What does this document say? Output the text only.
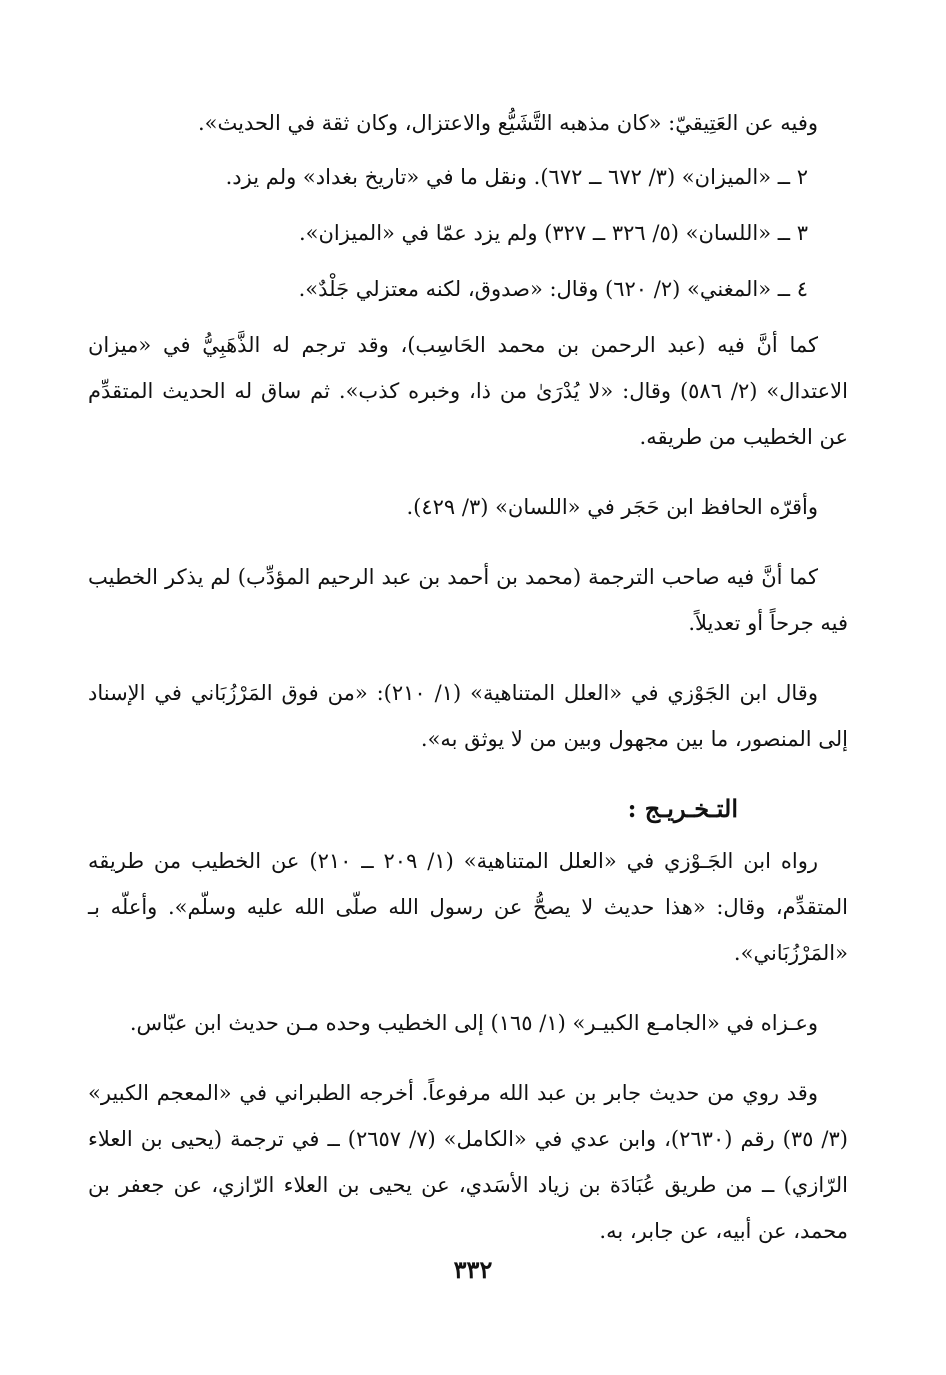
وفيه عن العَتِيقيّ: «كان مذهبه التَّشَيُّع والاعتزال، وكان ثقة في الحديث».

٢ ــ «الميزان» (٣/ ٦٧٢ ــ ٦٧٢). ونقل ما في «تاريخ بغداد» ولم يزد.

٣ ــ «اللسان» (٥/ ٣٢٦ ــ ٣٢٧) ولم يزد عمّا في «الميزان».

٤ ــ «المغني» (٢/ ٦٢٠) وقال: «صدوق، لكنه معتزلي جَلْدٌ».

كما أنَّ فيه (عبد الرحمن بن محمد الحَاسِب)، وقد ترجم له الذَّهَبِيُّ في «ميزان الاعتدال» (٢/ ٥٨٦) وقال: «لا يُدْرَىٰ من ذا، وخبره كذب». ثم ساق له الحديث المتقدِّم عن الخطيب من طريقه.

وأقرّه الحافظ ابن حَجَر في «اللسان» (٣/ ٤٢٩).

كما أنَّ فيه صاحب الترجمة (محمد بن أحمد بن عبد الرحيم المؤدِّب) لم يذكر الخطيب فيه جرحاً أو تعديلاً.

وقال ابن الجَوْزي في «العلل المتناهية» (١/ ٢١٠): «من فوق المَرْزُبَاني في الإسناد إلى المنصور، ما بين مجهول وبين من لا يوثق به».

التـخـريـج :

رواه ابن الجَـوْزي في «العلل المتناهية» (١/ ٢٠٩ ــ ٢١٠) عن الخطيب من طريقه المتقدِّم، وقال: «هذا حديث لا يصحُّ عن رسول الله صلّى الله عليه وسلّم». وأعلّه بـ «المَرْزُبَاني».

وعـزاه في «الجامـع الكبيـر» (١/ ١٦٥) إلى الخطيب وحده مـن حديث ابن عبّاس.

وقد روي من حديث جابر بن عبد الله مرفوعاً. أخرجه الطبراني في «المعجم الكبير» (٣/ ٣٥) رقم (٢٦٣٠)، وابن عدي في «الكامل» (٧/ ٢٦٥٧) ــ في ترجمة (يحيى بن العلاء الرّازي) ــ من طريق عُبَادَة بن زياد الأسَدي، عن يحيى بن العلاء الرّازي، عن جعفر بن محمد، عن أبيه، عن جابر، به.

٣٣٢
